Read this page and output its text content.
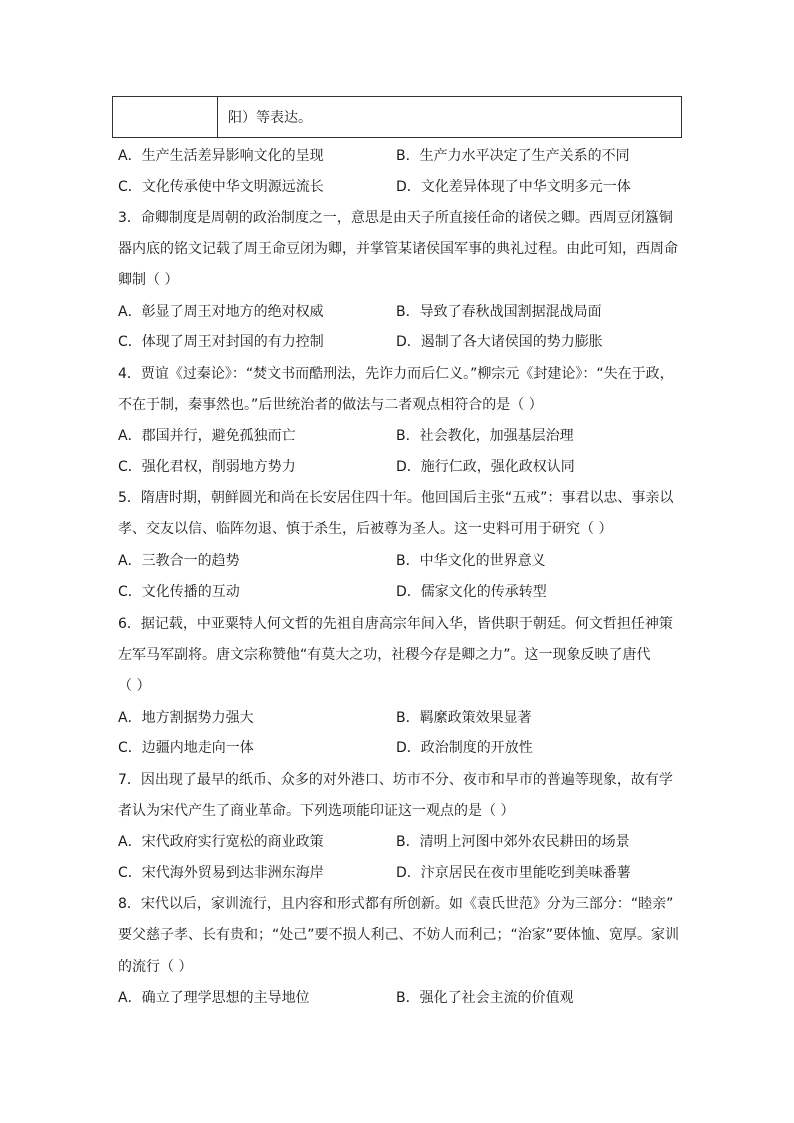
	阳）等表达。
A．生产生活差异影响文化的呈现	B．生产力水平决定了生产关系的不同
C．文化传承使中华文明源远流长	D．文化差异体现了中华文明多元一体
3．命卿制度是周朝的政治制度之一，意思是由天子所直接任命的诸侯之卿。西周豆闭簋铜
器内底的铭文记载了周王命豆闭为卿，并掌管某诸侯国军事的典礼过程。由此可知，西周命
卿制（ ）
A．彰显了周王对地方的绝对权威	B．导致了春秋战国割据混战局面
C．体现了周王对封国的有力控制	D．遏制了各大诸侯国的势力膨胀
4．贾谊《过秦论》：“焚文书而酷刑法，先诈力而后仁义。”柳宗元《封建论》：“失在于政，
不在于制，秦事然也。”后世统治者的做法与二者观点相符合的是（ ）
A．郡国并行，避免孤独而亡	B．社会教化，加强基层治理
C．强化君权，削弱地方势力	D．施行仁政，强化政权认同
5．隋唐时期，朝鲜圆光和尚在长安居住四十年。他回国后主张“五戒”：事君以忠、事亲以
孝、交友以信、临阵勿退、慎于杀生，后被尊为圣人。这一史料可用于研究（ ）
A．三教合一的趋势	B．中华文化的世界意义
C．文化传播的互动	D．儒家文化的传承转型
6．据记载，中亚粟特人何文哲的先祖自唐高宗年间入华，皆供职于朝廷。何文哲担任神策
左军马军副将。唐文宗称赞他“有莫大之功，社稷今存是卿之力”。这一现象反映了唐代
（ ）
A．地方割据势力强大	B．羁縻政策效果显著
C．边疆内地走向一体	D．政治制度的开放性
7．因出现了最早的纸币、众多的对外港口、坊市不分、夜市和早市的普遍等现象，故有学
者认为宋代产生了商业革命。下列选项能印证这一观点的是（ ）
A．宋代政府实行宽松的商业政策	B．清明上河图中郊外农民耕田的场景
C．宋代海外贸易到达非洲东海岸	D．汴京居民在夜市里能吃到美味番薯
8．宋代以后，家训流行，且内容和形式都有所创新。如《袁氏世范》分为三部分：“睦亲”
要父慈子孝、长有贵和；“处己”要不损人利己、不妨人而利己；“治家”要体恤、宽厚。家训
的流行（ ）
A．确立了理学思想的主导地位	B．强化了社会主流的价值观
